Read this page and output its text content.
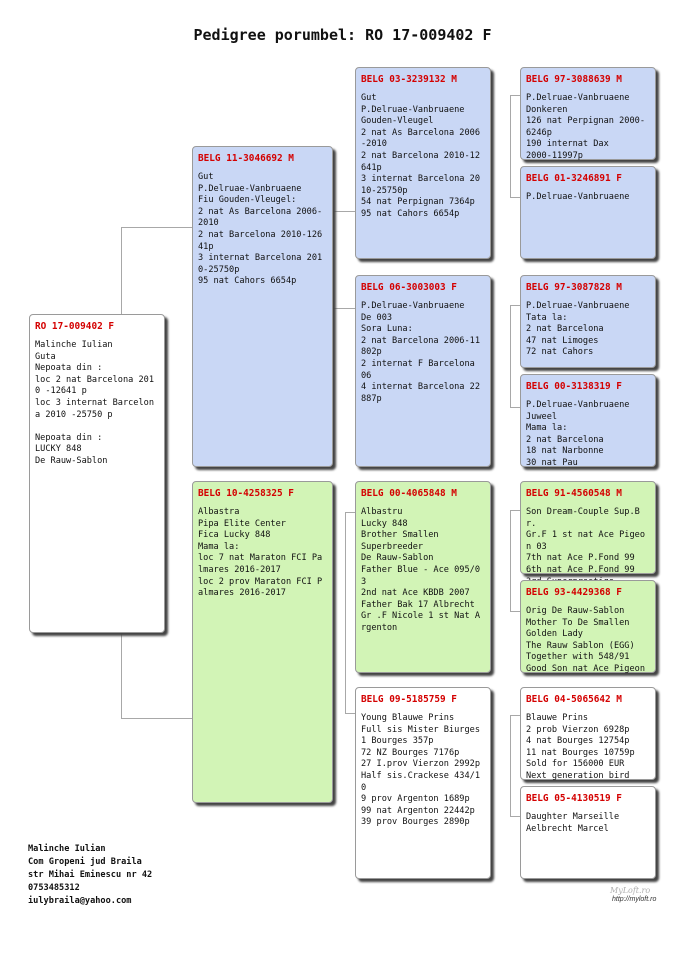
Pedigree porumbel: RO 17-009402 F
RO 17-009402 F
Malinche Iulian
Guta
Nepoata din :
loc 2 nat Barcelona 2010 -12641 p
loc 3 internat Barcelona 2010 -25750 p

Nepoata din :
LUCKY 848
De Rauw-Sablon
BELG 11-3046692 M
Gut
P.Delruae-Vanbruaene
Fiu Gouden-Vleugel:
2 nat As Barcelona 2006-2010
2 nat Barcelona 2010-12641p
3 internat Barcelona 2010-25750p
95 nat Cahors 6654p
BELG 10-4258325 F
Albastra
Pipa Elite Center
Fica Lucky 848
Mama la:
loc 7 nat Maraton FCI Palmares 2016-2017
loc 2 prov Maraton FCI Palmares 2016-2017
BELG 03-3239132 M
Gut
P.Delruae-Vanbruaene
Gouden-Vleugel
2 nat As Barcelona 2006-2010
2 nat Barcelona 2010-12641p
3 internat Barcelona 2010-25750p
54 nat Perpignan 7364p
95 nat Cahors 6654p
BELG 06-3003003 F
P.Delruae-Vanbruaene
De 003
Sora Luna:
2 nat Barcelona 2006-11802p
2 internat F Barcelona 06
4 internat Barcelona 22887p
BELG 00-4065848 M
Albastru
Lucky 848
Brother Smallen
Superbreeder
De Rauw-Sablon
Father Blue - Ace 095/03
2nd nat Ace KBDB 2007
Father Bak 17 Albrecht
Gr .F Nicole 1 st Nat Argenton
BELG 09-5185759 F
Young Blauwe Prins
Full sis Mister Biurges
1 Bourges 357p
72 NZ Bourges 7176p
27 I.prov Vierzon 2992p
Half sis.Crackese 434/10
9 prov Argenton 1689p
99 nat Argenton 22442p
39 prov Bourges 2890p
BELG 97-3088639 M
P.Delruae-Vanbruaene
Donkeren
126 nat Perpignan 2000-6246p
190 internat Dax
2000-11997p
BELG 01-3246891 F
P.Delruae-Vanbruaene
BELG 97-3087828 M
P.Delruae-Vanbruaene
Tata la:
2 nat Barcelona
47 nat Limoges
72 nat Cahors
BELG 00-3138319 F
P.Delruae-Vanbruaene
Juweel
Mama la:
2 nat Barcelona
18 nat Narbonne
30 nat Pau
BELG 91-4560548 M
Son Dream-Couple Sup.Br.
Gr.F 1 st nat Ace Pigeon 03
7th nat Ace P.Fond 99
6th nat Ace P.Fond 99

BELG 93-4429368 F
Orig De Rauw-Sablon
Mother To De Smallen
Golden Lady
The Rauw Sablon (EGG)
Together with 548/91
Good Son nat Ace Pigeon
BELG 04-5065642 M
Blauwe Prins
2 prob Vierzon 6928p
4 nat Bourges 12754p
11 nat Bourges 10759p
Sold for 156000 EUR
Next generation bird
BELG 05-4130519 F
Daughter Marseille
Aelbrecht Marcel
Malinche Iulian
Com Gropeni jud Braila
str Mihai Eminescu nr 42
0753485312
iulybraila@yahoo.com
MyLoft.ro
http://myloft.ro
